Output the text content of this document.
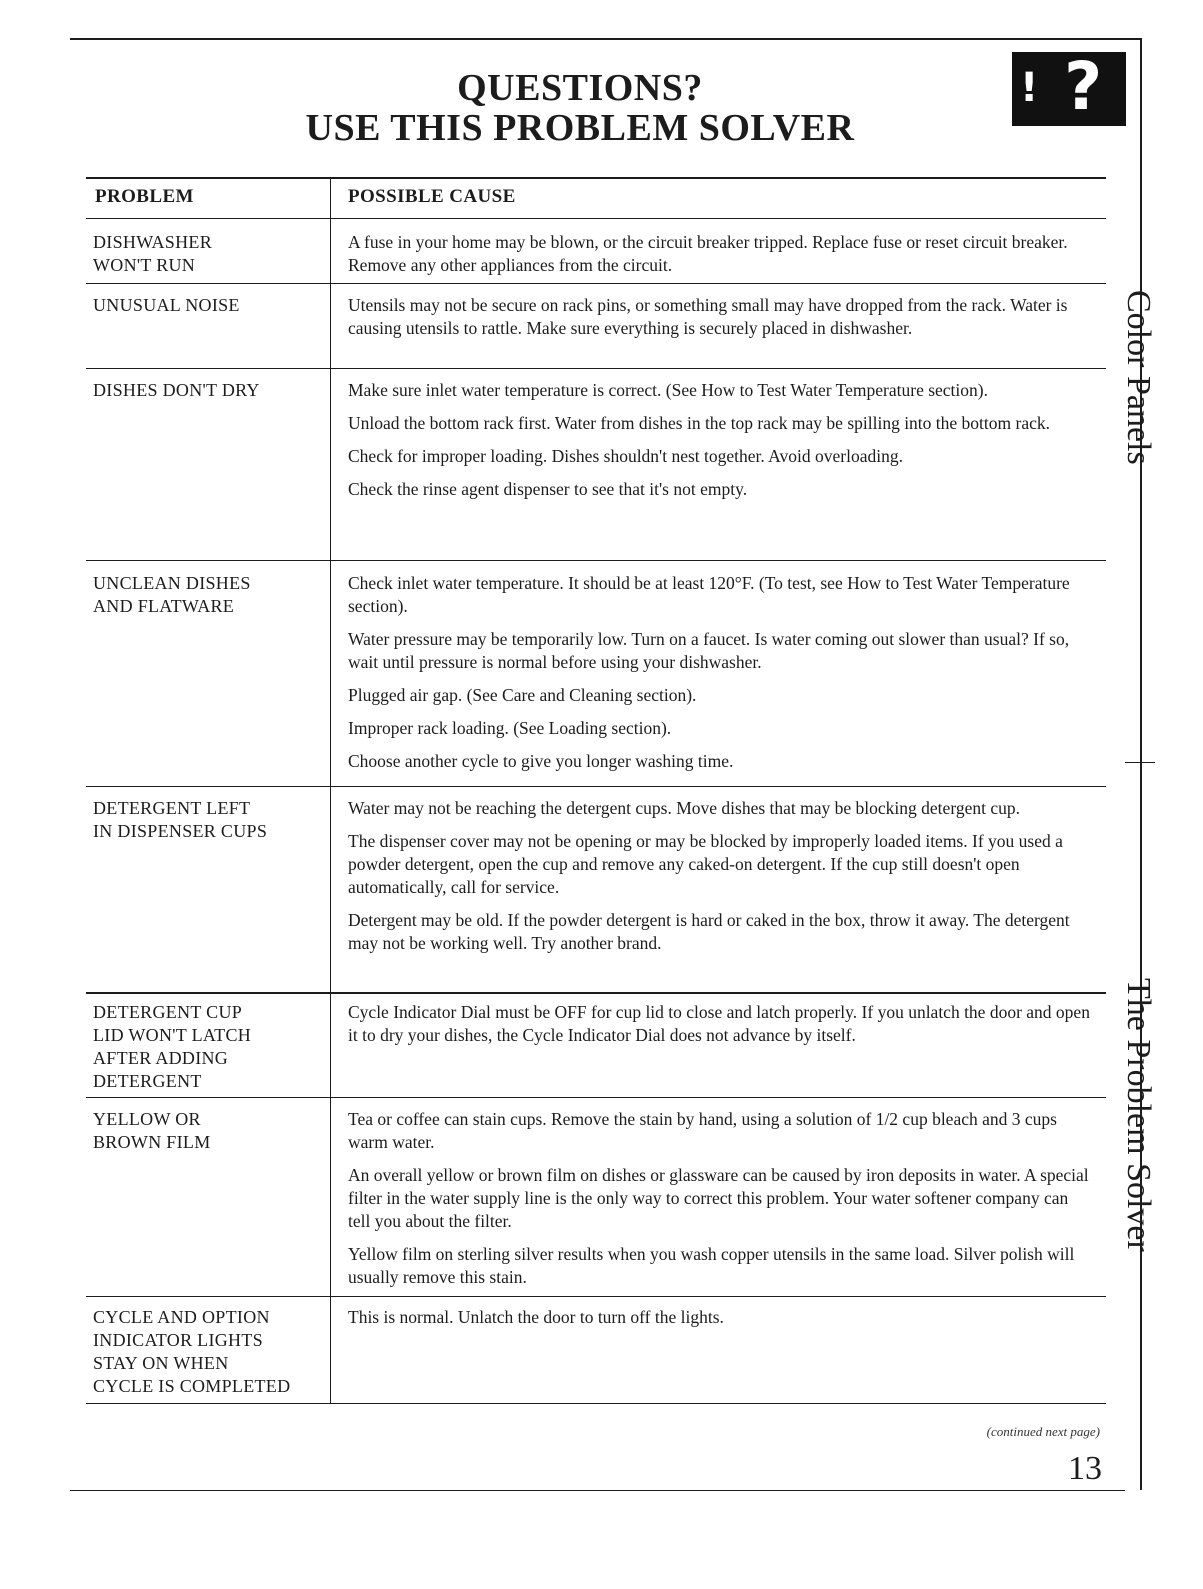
QUESTIONS?
USE THIS PROBLEM SOLVER
! ?
Color Panels
The Problem Solver
PROBLEM	POSSIBLE CAUSE
DISHWASHER
WON'T RUN
UNUSUAL NOISE
DISHES DON'T DRY
UNCLEAN DISHES
AND FLATWARE
DETERGENT LEFT
IN DISPENSER CUPS
DETERGENT CUP
LID WON'T LATCH
AFTER ADDING
DETERGENT
YELLOW OR
BROWN FILM
CYCLE AND OPTION
INDICATOR LIGHTS
STAY ON WHEN
CYCLE IS COMPLETED

A fuse in your home may be blown, or the circuit breaker tripped. Replace fuse or reset circuit breaker. Remove any other appliances from the circuit.

Utensils may not be secure on rack pins, or something small may have dropped from the rack. Water is causing utensils to rattle. Make sure everything is securely placed in dishwasher.

Make sure inlet water temperature is correct. (See How to Test Water Temperature section).

Unload the bottom rack first. Water from dishes in the top rack may be spilling into the bottom rack.

Check for improper loading. Dishes shouldn't nest together. Avoid overloading.

Check the rinse agent dispenser to see that it's not empty.

Check inlet water temperature. It should be at least 120°F. (To test, see How to Test Water Temperature section).

Water pressure may be temporarily low. Turn on a faucet. Is water coming out slower than usual? If so, wait until pressure is normal before using your dishwasher.

Plugged air gap. (See Care and Cleaning section).

Improper rack loading. (See Loading section).

Choose another cycle to give you longer washing time.

Water may not be reaching the detergent cups. Move dishes that may be blocking detergent cup.

The dispenser cover may not be opening or may be blocked by improperly loaded items. If you used a powder detergent, open the cup and remove any caked-on detergent. If the cup still doesn't open automatically, call for service.

Detergent may be old. If the powder detergent is hard or caked in the box, throw it away. The detergent may not be working well. Try another brand.

Cycle Indicator Dial must be OFF for cup lid to close and latch properly. If you unlatch the door and open it to dry your dishes, the Cycle Indicator Dial does not advance by itself.

Tea or coffee can stain cups. Remove the stain by hand, using a solution of 1/2 cup bleach and 3 cups warm water.

An overall yellow or brown film on dishes or glassware can be caused by iron deposits in water. A special filter in the water supply line is the only way to correct this problem. Your water softener company can tell you about the filter.

Yellow film on sterling silver results when you wash copper utensils in the same load. Silver polish will usually remove this stain.

This is normal. Unlatch the door to turn off the lights.

(continued next page)
13
